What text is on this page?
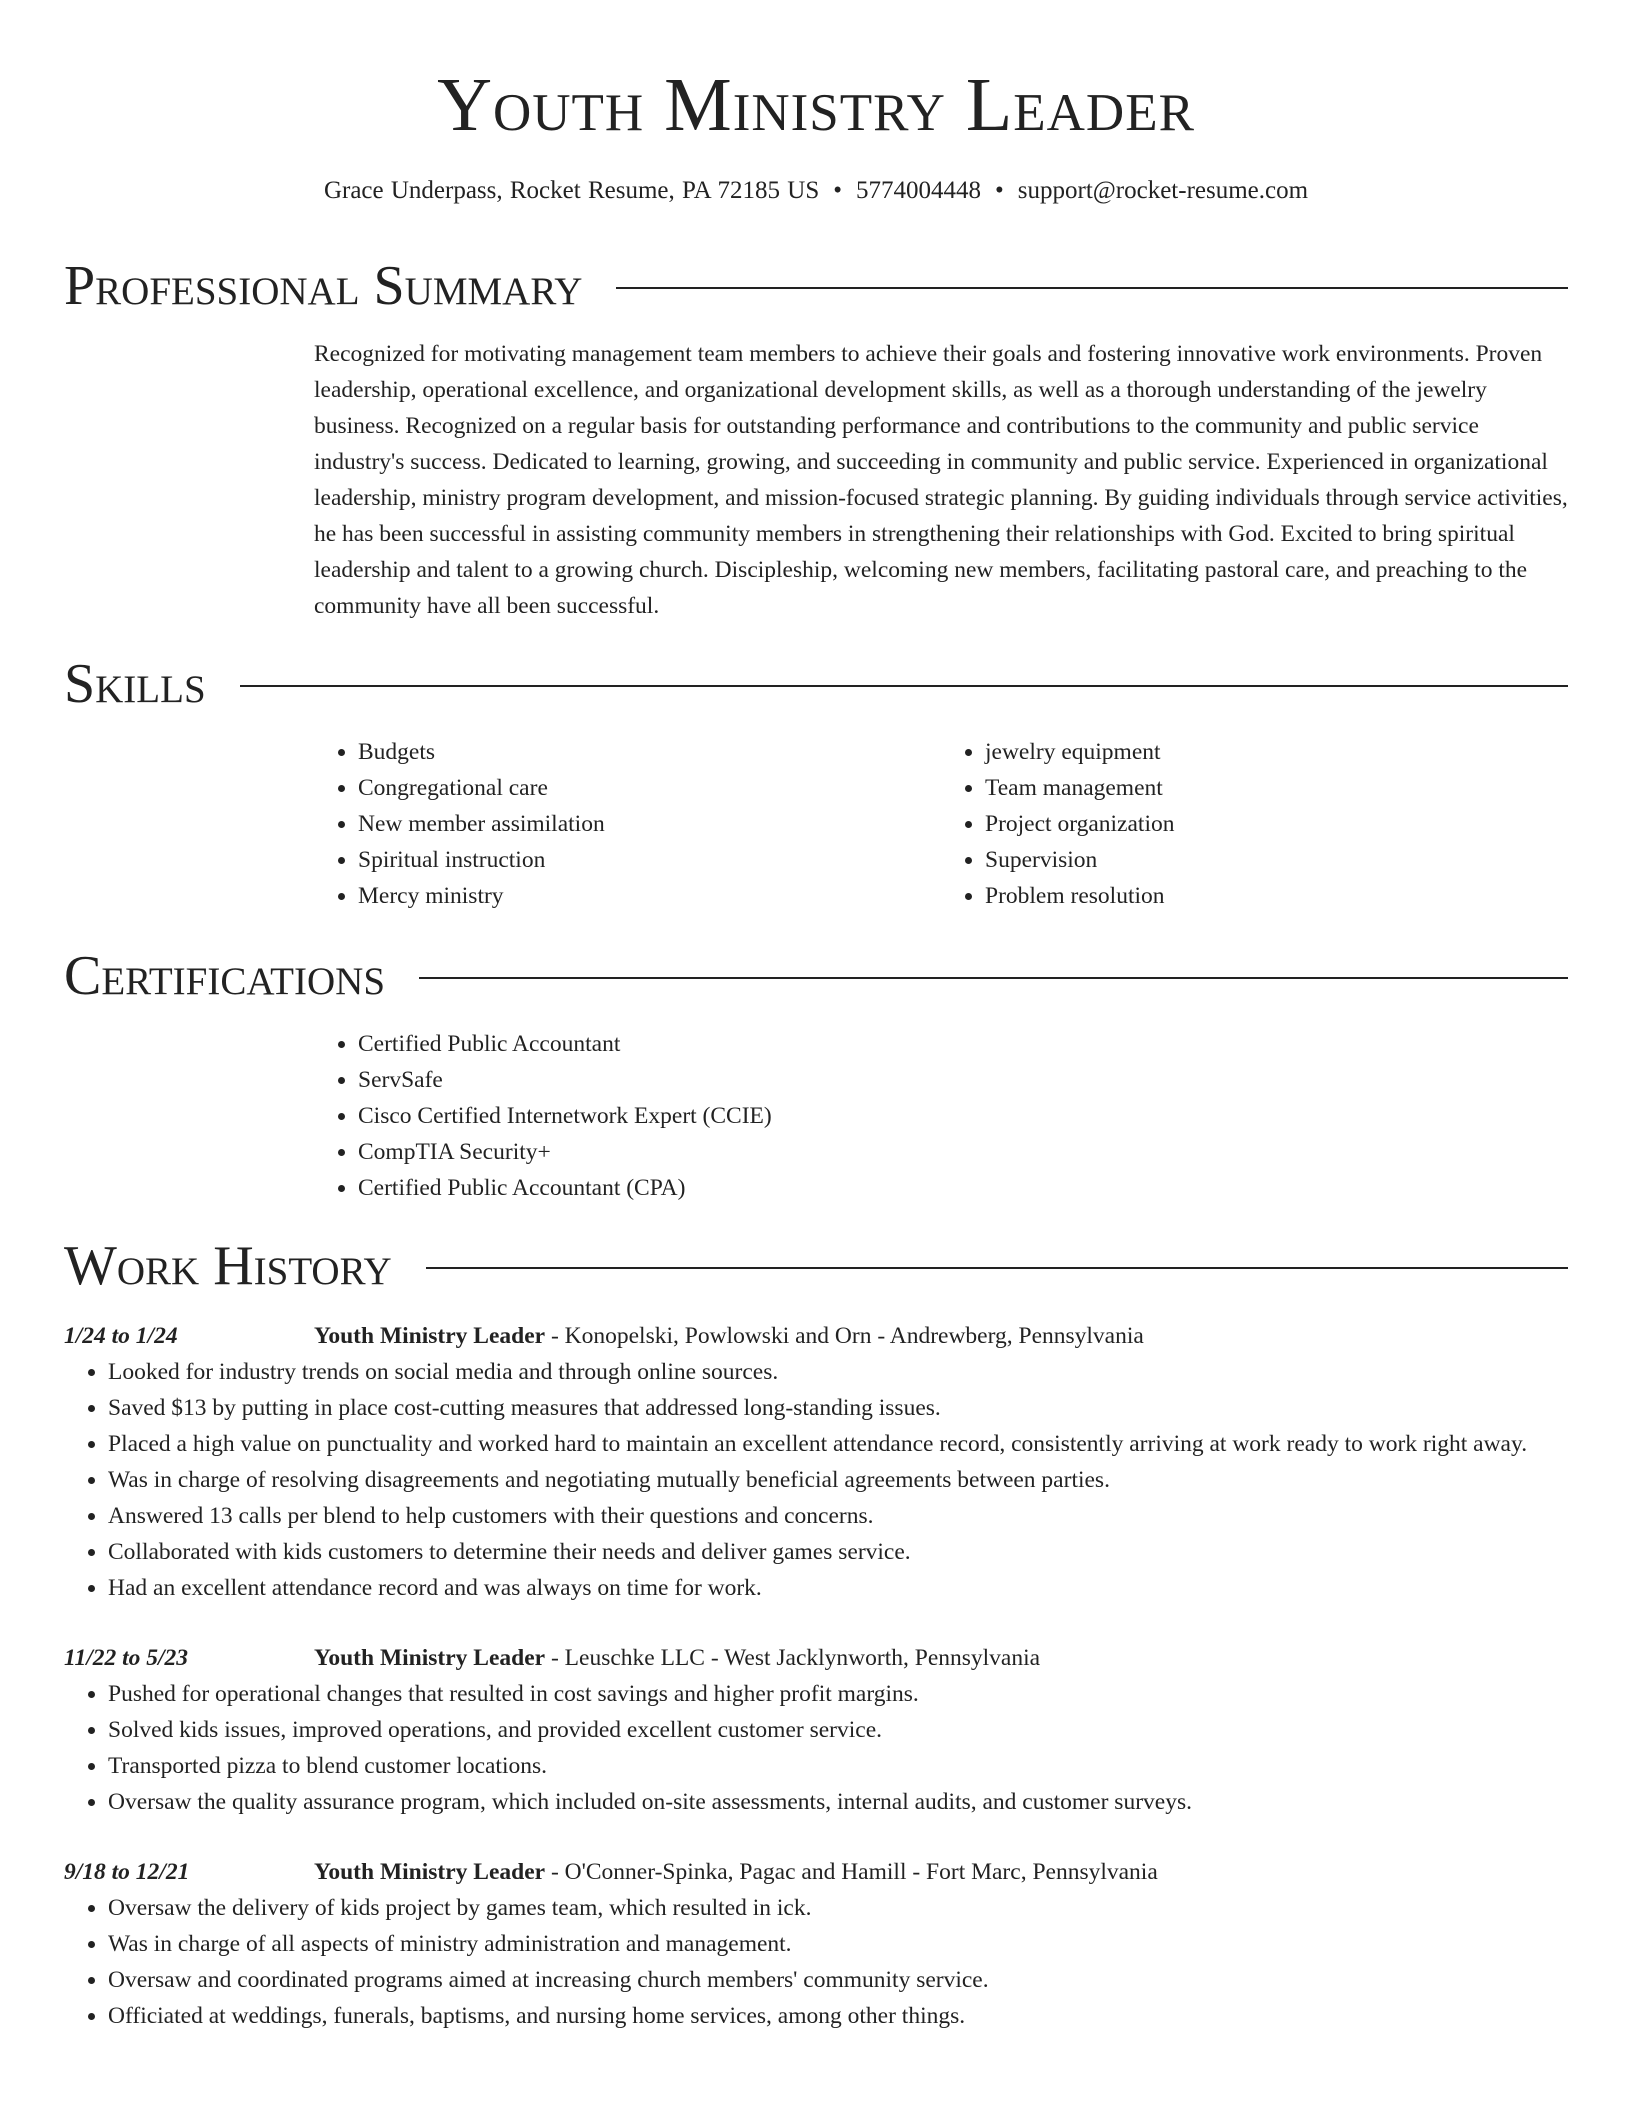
Youth Ministry Leader
Grace Underpass, Rocket Resume, PA 72185 US • 5774004448 • support@rocket-resume.com
Professional Summary

Recognized for motivating management team members to achieve their goals and fostering innovative work environments. Proven leadership, operational excellence, and organizational development skills, as well as a thorough understanding of the jewelry business. Recognized on a regular basis for outstanding performance and contributions to the community and public service industry's success. Dedicated to learning, growing, and succeeding in community and public service. Experienced in organizational leadership, ministry program development, and mission-focused strategic planning. By guiding individuals through service activities, he has been successful in assisting community members in strengthening their relationships with God. Excited to bring spiritual leadership and talent to a growing church. Discipleship, welcoming new members, facilitating pastoral care, and preaching to the community have all been successful.

Skills
• Budgets
• Congregational care
• New member assimilation
• Spiritual instruction
• Mercy ministry
• jewelry equipment
• Team management
• Project organization
• Supervision
• Problem resolution
Certifications
• Certified Public Accountant
• ServSafe
• Cisco Certified Internetwork Expert (CCIE)
• CompTIA Security+
• Certified Public Accountant (CPA)
Work History
1/24 to 1/24	Youth Ministry Leader - Konopelski, Powlowski and Orn - Andrewberg, Pennsylvania
• Looked for industry trends on social media and through online sources.
• Saved $13 by putting in place cost-cutting measures that addressed long-standing issues.
• Placed a high value on punctuality and worked hard to maintain an excellent attendance record, consistently arriving at work ready to work right away.
• Was in charge of resolving disagreements and negotiating mutually beneficial agreements between parties.
• Answered 13 calls per blend to help customers with their questions and concerns.
• Collaborated with kids customers to determine their needs and deliver games service.
• Had an excellent attendance record and was always on time for work.
11/22 to 5/23	Youth Ministry Leader - Leuschke LLC - West Jacklynworth, Pennsylvania
• Pushed for operational changes that resulted in cost savings and higher profit margins.
• Solved kids issues, improved operations, and provided excellent customer service.
• Transported pizza to blend customer locations.
• Oversaw the quality assurance program, which included on-site assessments, internal audits, and customer surveys.
9/18 to 12/21	Youth Ministry Leader - O'Conner-Spinka, Pagac and Hamill - Fort Marc, Pennsylvania
• Oversaw the delivery of kids project by games team, which resulted in ick.
• Was in charge of all aspects of ministry administration and management.
• Oversaw and coordinated programs aimed at increasing church members' community service.
• Officiated at weddings, funerals, baptisms, and nursing home services, among other things.
